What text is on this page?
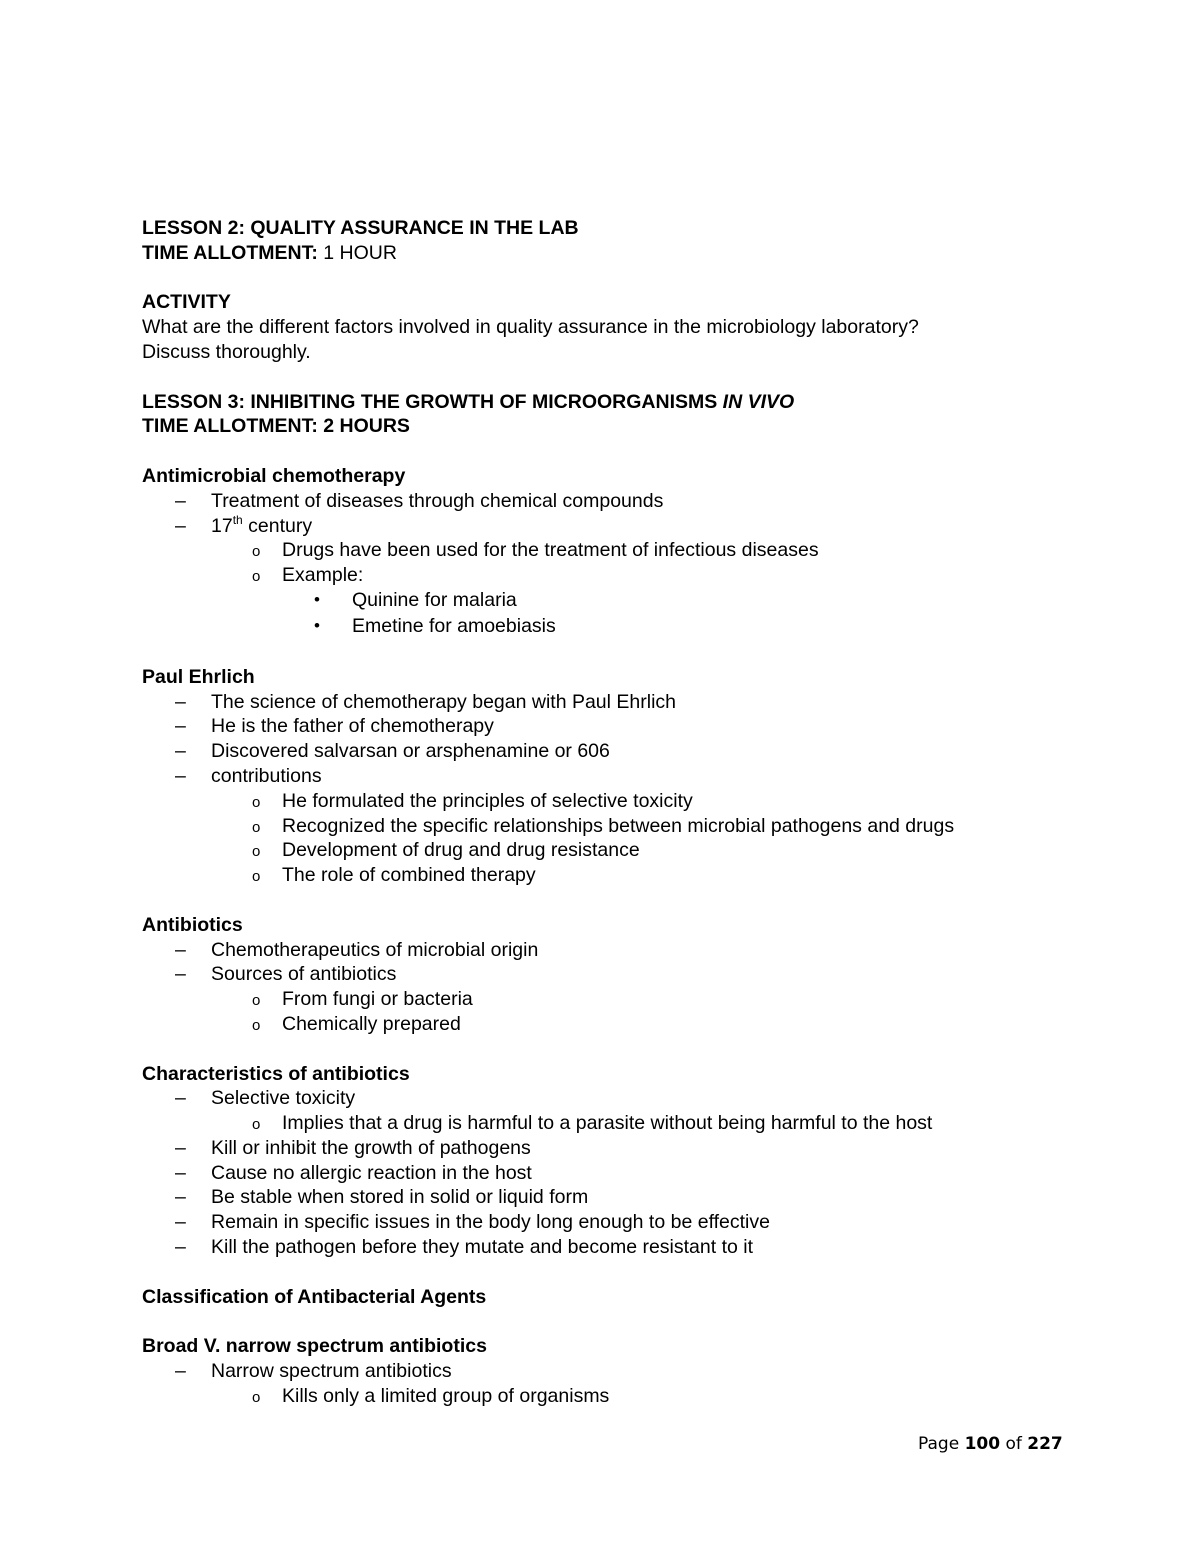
LESSON 2: QUALITY ASSURANCE IN THE LAB
TIME ALLOTMENT: 1 HOUR
ACTIVITY
What are the different factors involved in quality assurance in the microbiology laboratory?
Discuss thoroughly.
LESSON 3: INHIBITING THE GROWTH OF MICROORGANISMS IN VIVO
TIME ALLOTMENT: 2 HOURS
Antimicrobial chemotherapy
– Treatment of diseases through chemical compounds
– 17th century
o Drugs have been used for the treatment of infectious diseases
o Example:
• Quinine for malaria
• Emetine for amoebiasis
Paul Ehrlich
– The science of chemotherapy began with Paul Ehrlich
– He is the father of chemotherapy
– Discovered salvarsan or arsphenamine or 606
– contributions
o He formulated the principles of selective toxicity
o Recognized the specific relationships between microbial pathogens and drugs
o Development of drug and drug resistance
o The role of combined therapy
Antibiotics
– Chemotherapeutics of microbial origin
– Sources of antibiotics
o From fungi or bacteria
o Chemically prepared
Characteristics of antibiotics
– Selective toxicity
o Implies that a drug is harmful to a parasite without being harmful to the host
– Kill or inhibit the growth of pathogens
– Cause no allergic reaction in the host
– Be stable when stored in solid or liquid form
– Remain in specific issues in the body long enough to be effective
– Kill the pathogen before they mutate and become resistant to it
Classification of Antibacterial Agents
Broad V. narrow spectrum antibiotics
– Narrow spectrum antibiotics
o Kills only a limited group of organisms
Page 100 of 227
